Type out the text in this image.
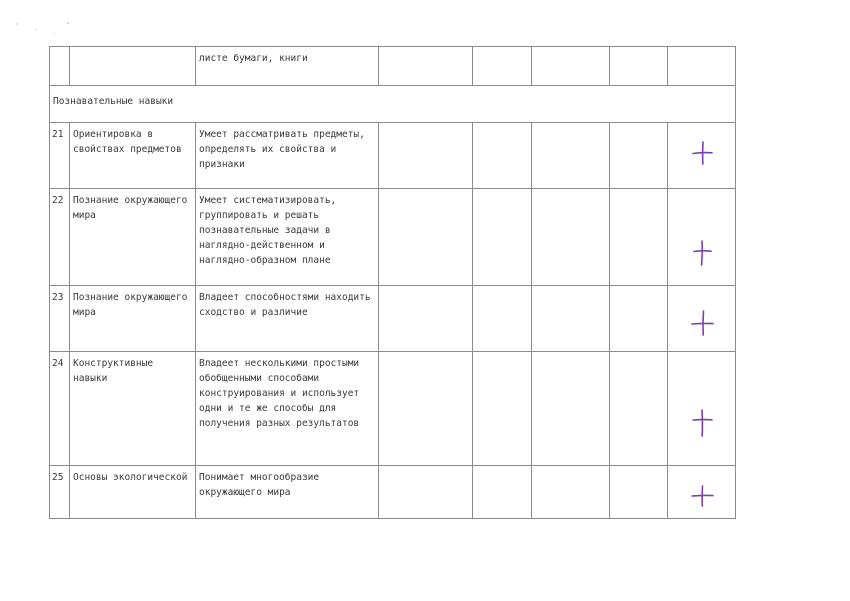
		листе бумаги, книги					
Познавательные навыки							
21	Ориентировка в свойствах предметов	Умеет рассматривать предметы, определять их свойства и признаки					
22	Познание окружающего мира	Умеет систематизировать, группировать и решать познавательные задачи в наглядно-действенном и наглядно-образном плане					
23	Познание окружающего мира	Владеет способностями находить сходство и различие					
24	Конструктивные навыки	Владеет несколькими простыми обобщенными способами конструирования и использует одни и те же способы для получения разных результатов					
25	Основы экологической	Понимает многообразие окружающего мира					
